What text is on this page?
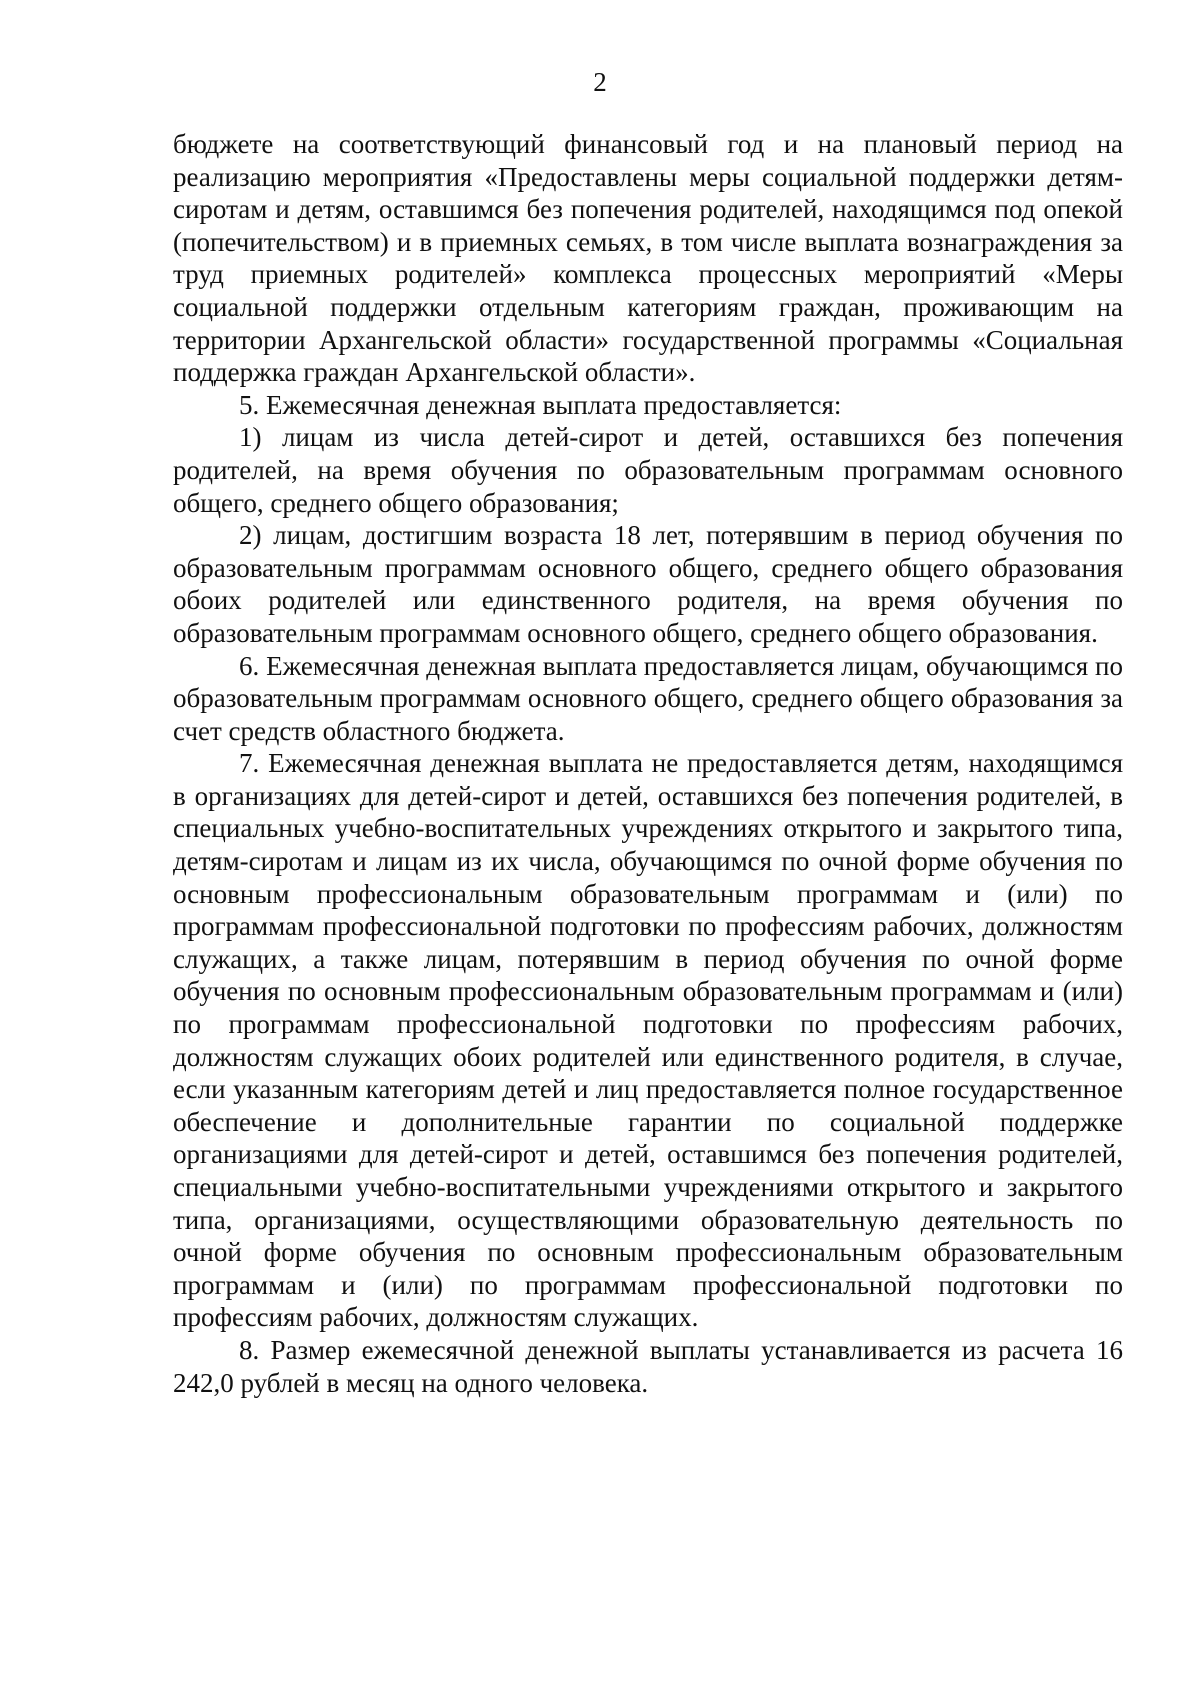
2

бюджете на соответствующий финансовый год и на плановый период на реализацию мероприятия «Предоставлены меры социальной поддержки детям-сиротам и детям, оставшимся без попечения родителей, находящимся под опекой (попечительством) и в приемных семьях, в том числе выплата вознаграждения за труд приемных родителей» комплекса процессных мероприятий «Меры социальной поддержки отдельным категориям граждан, проживающим на территории Архангельской области» государственной программы «Социальная поддержка граждан Архангельской области».

5. Ежемесячная денежная выплата предоставляется:

1) лицам из числа детей-сирот и детей, оставшихся без попечения родителей, на время обучения по образовательным программам основного общего, среднего общего образования;

2) лицам, достигшим возраста 18 лет, потерявшим в период обучения по образовательным программам основного общего, среднего общего образования обоих родителей или единственного родителя, на время обучения по образовательным программам основного общего, среднего общего образования.

6. Ежемесячная денежная выплата предоставляется лицам, обучающимся по образовательным программам основного общего, среднего общего образования за счет средств областного бюджета.

7. Ежемесячная денежная выплата не предоставляется детям, находящимся в организациях для детей-сирот и детей, оставшихся без попечения родителей, в специальных учебно-воспитательных учреждениях открытого и закрытого типа, детям-сиротам и лицам из их числа, обучающимся по очной форме обучения по основным профессиональным образовательным программам и (или) по программам профессиональной подготовки по профессиям рабочих, должностям служащих, а также лицам, потерявшим в период обучения по очной форме обучения по основным профессиональным образовательным программам и (или) по программам профессиональной подготовки по профессиям рабочих, должностям служащих обоих родителей или единственного родителя, в случае, если указанным категориям детей и лиц предоставляется полное государственное обеспечение и дополнительные гарантии по социальной поддержке организациями для детей-сирот и детей, оставшимся без попечения родителей, специальными учебно-воспитательными учреждениями открытого и закрытого типа, организациями, осуществляющими образовательную деятельность по очной форме обучения по основным профессиональным образовательным программам и (или) по программам профессиональной подготовки по профессиям рабочих, должностям служащих.

8. Размер ежемесячной денежной выплаты устанавливается из расчета 16 242,0 рублей в месяц на одного человека.
